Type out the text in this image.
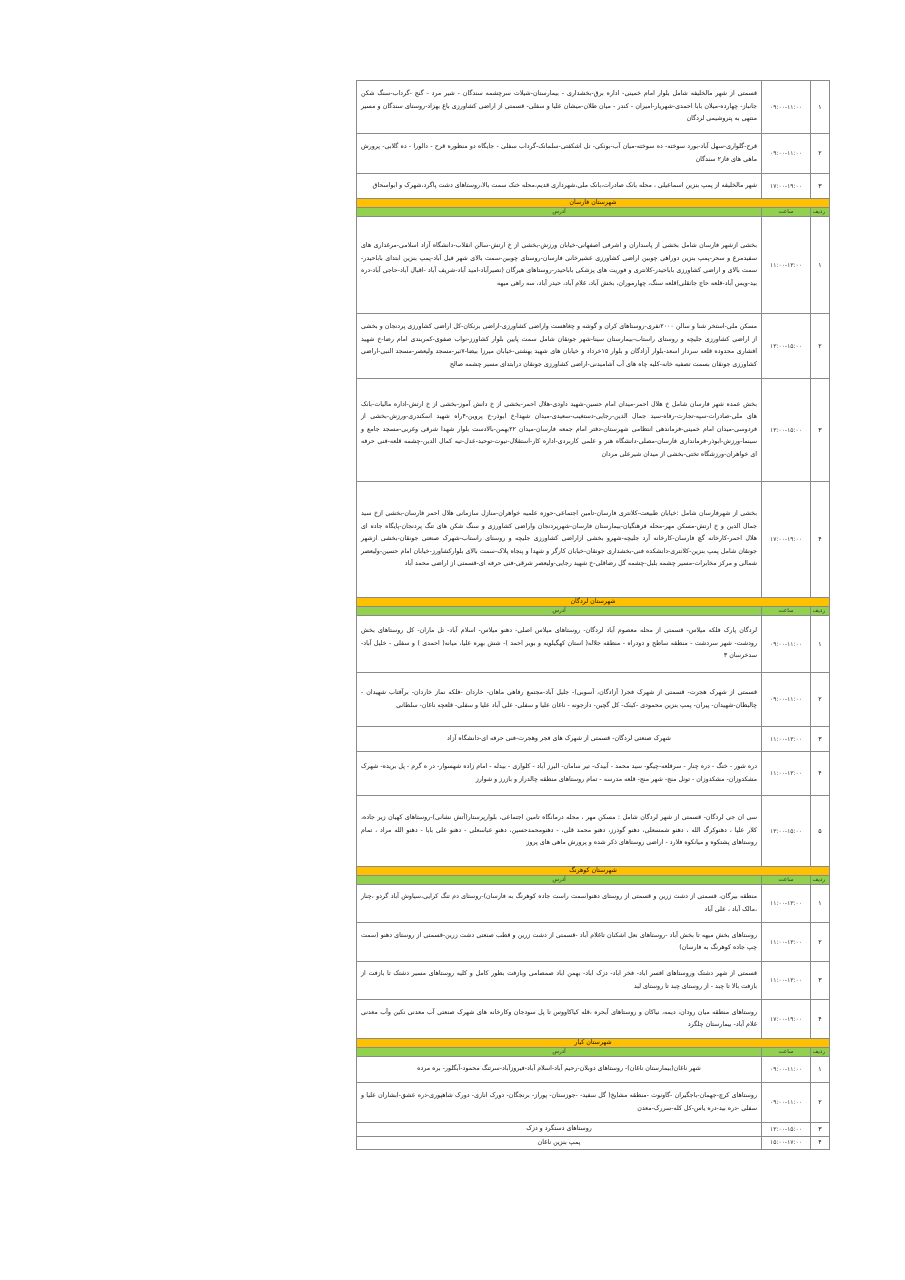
۱	۰۹:۰۰-۱۱:۰۰	قسمتی از شهر مالخلیفه شامل بلوار امام خمینی- اداره برق-بخشداری - بیمارستان-شیلات سرچشمه سندگان - شیر مرد - گنج -گرداب-سنگ شکن جانباز- چهارده-میلان بابا احمدی-شهریار-امیران - کندر - میان طلان-میشان علیا و سفلی- قسمتی از اراضی کشاورزی باغ بهزاد-روستای سندگان و مسیر منتهی به پتروشیمی لردگان
۲	۰۹:۰۰-۱۱:۰۰	قرح-گلواری-سهل آباد-بورد سوخته- ده سوخته-میان آب-بونکی- تل اشکفتی-سلمانک-گرداب سفلی - جایگاه دو منظوره قرح - دالورا - ده گلابی- پرورش ماهی های فاز۲ سندگان
۳	۱۷:۰۰-۱۹:۰۰	شهر مالخلیفه از پمپ بنزین اسماعیلی ، محله بانک صادرات،بانک ملی،شهرداری قدیم،محله خنک سمت بالا،روستاهای دشت پاگرد،شهرک و ابواسحاق
شهرستان فارسان		
ردیف	ساعت	آدرس
۱	۱۱:۰۰-۱۳:۰۰	بخشی ازشهر فارسان شامل بخشی از پاسداران و اشرفی اصفهانی-خیابان ورزش-بخشی از خ ارتش-سالن انقلاب-دانشگاه آزاد اسلامی-مرغداری های سفیدمرغ و سحر-پمپ بنزین دوراهی چوبین اراضی کشاورزی عشیرخانی فارسان-روستای چوبین-سمت بالای شهر فیل آباد-پمپ بنزین ابتدای باباحیدر-سمت بالای و اراضی کشاورزی باباحیدر-کلانتری و فوریت های پزشکی باباحیدر-روستاهای هیرگان (نصیرآباد-امید آباد-شریف آباد -اقبال آباد-حاجی آباد-دره بید-ویس آباد-قلعه حاج جانقلی)قلعه سنگ، چهارموران، بخش آباد، غلام آباد، حیدر آباد، سه راهی میهه
۲	۱۳:۰۰-۱۵:۰۰	مسکن ملی-استخر شنا و سالن ۲۰۰۰نفری-روستاهای کران و گوشه و چغاهست واراضی کشاورزی-اراضی برنکان-کل اراضی کشاورزی پردنجان و بخشی از اراضی کشاورزی جلیچه و روستای راستاب-بیمارستان سینا-شهر جونقان شامل سمت پایین بلوار کشاورز-نواب صفوی-کمربندی امام رضا-خ شهید افشاری محدوده قلعه سردار اسعد-بلوار آزادگان و بلوار ۱۵خرداد و خیابان های شهید بهشتی-خیابان میرزا بیضا-۷تیر-مسجد ولیعصر-مسجد النبی-اراضی کشاورزی جونقان بسمت تصفیه خانه-کلیه چاه های آب آشامیدنی-اراضی کشاورزی جونقان درابتدای مسیر چشمه صالح
۳	۱۳:۰۰-۱۵:۰۰	بخش عمده شهر فارسان شامل خ هلال احمر-میدان امام حسین-شهید داودی-هلال احمر-بخشی از خ دانش آموز-بخشی از خ ارتش-اداره مالیات-بانک های ملی-صادرات-سپه-تجارت-رفاه-سید جمال الدین-رجایی-دستغیب-سعیدی-میدان شهدا-خ ابوذر-خ پروین-۴راه شهید اسکندری-ورزش-بخشی از فردوسی-میدان امام خمینی-فرماندهی انتظامی شهرستان-دفتر امام جمعه فارسان-میدان ۲۲بهمن-بالادست بلوار شهدا شرقی وغربی-مسجد جامع و سینما-ورزش-ابوذر-فرمانداری فارسان-مصلی-دانشگاه هنر و علمی کاربردی-اداره کار-استقلال-نبوت-توحید-عدل-تیه کمال الدین-چشمه قلعه-فنی حرفه ای خواهران-ورزشگاه تختی-بخشی از میدان شیرعلی مردان
۴	۱۷:۰۰-۱۹:۰۰	بخشی از شهرفارسان شامل :خیابان طبیعت-کلانتری فارسان-تامین اجتماعی-حوزه علمیه خواهران-منازل سازمانی هلال احمر فارسان-بخشی ازخ سید جمال الدین و خ ارتش-مسکن مهر-محله فرهنگیان-بیمارستان فارسان-شهرپردنجان واراضی کشاورزی و سنگ شکن های تنگ پردنجان-پایگاه جاده ای هلال احمر-کارخانه گچ فارسان-کارخانه آرد جلیچه-شهرو بخشی ازاراضی کشاورزی جلیچه و روستای راستاب-شهرک صنعتی جونقان-بخشی ازشهر جونقان شامل پمپ بنزین-کلانتری-دانشکده فنی-بخشداری جونقان-خیابان کارگر و شهدا و پنجاه پلاک-سمت بالای بلوارکشاورز-خیابان امام حسین-ولیعصر شمالی و مرکز مخابرات-مسیر چشمه بلبل-چشمه گل رضاقلی-خ شهید رجایی-ولیعصر شرقی-فنی حرفه ای-قسمتی از اراضی محمد آباد
شهرستان لردگان		
ردیف	ساعت	آدرس
۱	۰۹:۰۰-۱۱:۰۰	لردگان پارک فلکه میلاس- قسمتی از محله معصوم آباد لردگان- روستاهای میلاس اصلی- دهنو میلاس- اسلام آباد- تل ماران- کل روستاهای بخش رودشت- شهر سردشت - منطقه ساطح و دودراه - منطقه جلاله( استان کهگیلویه و بویر احمد )- شش بهره علیا، میانه( احمدی ) و سفلی - خلیل آباد- سدخرسان ۳
۲	۰۹:۰۰-۱۱:۰۰	قسمتی از شهرک هجرت- قسمتی از شهرک فجر( آزادگان، آسوبی)- جلیل آباد-مجتمع رفاهی ماهان- خاردان -فلکه نماز خاردان- برآفتاب شهیدان - چالبطان-شهیدان- پیران- پمپ بنزین محمودی -کینک- کل گچین- دارجونه - ناغان علیا و سفلی- علی آباد علیا و سفلی- قلعچه ناغان- سلطانی
۳	۱۱:۰۰-۱۳:۰۰	شهرک صنعتی لردگان- قسمتی از شهرک های فجر وهجرت-فنی حرفه ای-دانشگاه آزاد
۴	۱۱:۰۰-۱۳:۰۰	دره شور - خنگ - دره چنار - سرقلعه-چیگو- سید محمد - آبیدک- تیر سامان- البرز آباد - کلواری - بیدله - امام زاده شهسوار- در ه گرم - پل بریده- شهرک مشکدوزان- مشکدوزان - تونل منج- شهر منج- قلعه مدرسه - تمام روستاهای منطقه چالدراز و بازرز و شوارز
۵	۱۳:۰۰-۱۵:۰۰	سی ان جی لردگان- قسمتی از شهر لردگان شامل : مسکن مهر ، محله درمانگاه تامین اجتماعی، بلوارپرستار(آتش نشانی)-روستاهای کهیان زیر جاده، کلار علیا ، دهنوکرگ الله ، دهنو شمسعلی، دهنو گودرز، دهنو محمد قلی، - دهنومحمدحسین، دهنو عباسعلی - دهنو علی بابا - دهنو الله مراد ، تمام روستاهای پشتکوه و میانکوه فلارد - اراضی روستاهای ذکر شده و پرورش ماهی های پروز
شهرستان کوهرنگ		
ردیف	ساعت	آدرس
۱	۱۱:۰۰-۱۳:۰۰	منطقه بیرگان، قسمتی از دشت زرین و قسمتی از روستای دهنو(سمت راست جاده کوهرنگ به فارسان)-روستای دم تنگ کرایی،سیاوش آباد گردو ،چنار ،مالک آباد ، علی آباد
۲	۱۱:۰۰-۱۳:۰۰	روستاهای بخش میهه تا بخش آباد -روستاهای نعل اشکنان تاغلام آباد -قسمتی از دشت زرین و قطب صنعتی دشت زرین-قسمتی از روستای دهنو (سمت چپ جاده کوهرنگ به فارسان)
۳	۱۱:۰۰-۱۳:۰۰	قسمتی از شهر دشتک وروستاهای افسر اباد- فخر اباد- دزک اباد- بهمن اباد صمصامی وبازفت بطور کامل و کلیه روستاهای مسیر دشتک تا بازفت از بازفت بالا تا چبد - از روستای چبد تا روستای لبد
۴	۱۷:۰۰-۱۹:۰۰	روستاهای منطقه میان رودان، دیمه، نیاکان و روستاهای آبحره ،قله کیاکاووس تا پل سودجان وکارخانه های شهرک صنعتی آب معدنی نکین وآب معدنی غلام آباد- بیمارستان چلگرد
شهرستان کیار		
ردیف	ساعت	آدرس
۱	۰۹:۰۰-۱۱:۰۰	شهر ناغان(بیمارستان ناغان)- روستاهای دوبلان-رحیم آباد-اسلام آباد-فیروزآباد-سرتنگ محمود-آبگلور- بره مرده
۲	۰۹:۰۰-۱۱:۰۰	روستاهای کرچ-جهمان-باجگیران -گاونوت -منطقه مشایخ( گل سفید- -جوزستان- پوراز- برنجگان- دورک اناری- دورک شاهپوری-دره عشق-ابشاران علیا و سفلی -دره بید-دره یاس-کل کله-سررک-معدن
۳	۱۳:۰۰-۱۵:۰۰	روستاهای دستگرد و دزک
۴	۱۵:۰۰-۱۷:۰۰	پمپ بنزین ناغان
